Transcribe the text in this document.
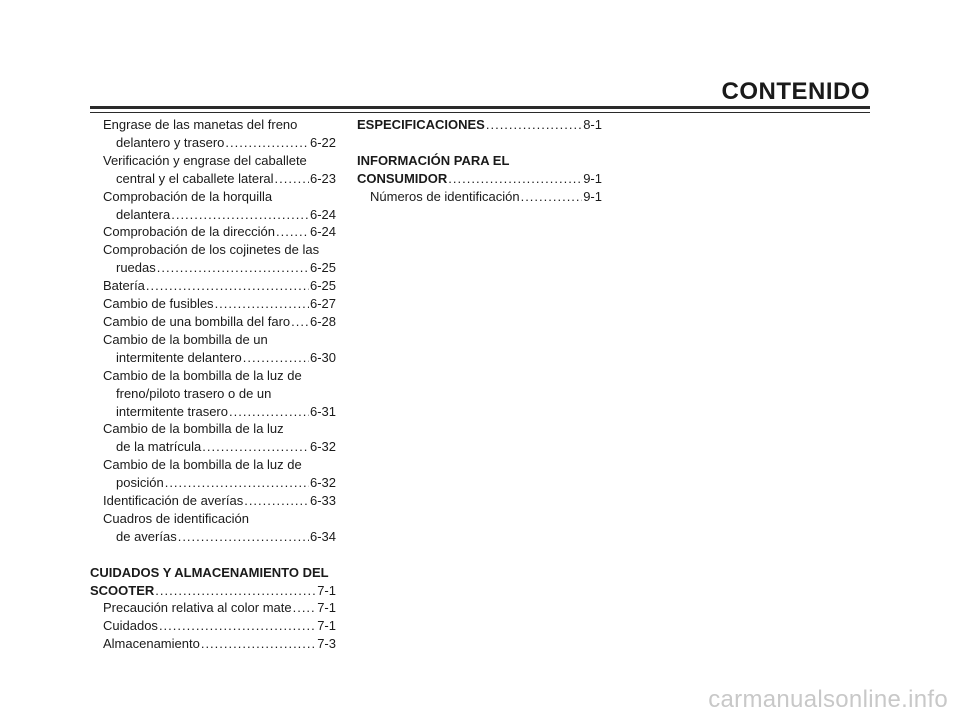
CONTENIDO
Engrase de las manetas del freno
delantero y trasero .....	6-22
Verificación y engrase del caballete
central y el caballete lateral .....	6-23
Comprobación de la horquilla
delantera .....	6-24
Comprobación de la dirección .....	6-24
Comprobación de los cojinetes de las
ruedas .....	6-25
Batería .....	6-25
Cambio de fusibles .....	6-27
Cambio de una bombilla del faro ..... 6-28
Cambio de la bombilla de un
intermitente delantero .....	6-30
Cambio de la bombilla de la luz de
freno/piloto trasero o de un
intermitente trasero .....	6-31
Cambio de la bombilla de la luz
de la matrícula .....	6-32
Cambio de la bombilla de la luz de
posición .....	6-32
Identificación de averías .....	6-33
Cuadros de identificación
de averías .....	6-34
CUIDADOS Y ALMACENAMIENTO DEL
SCOOTER .....	7-1
Precaución relativa al color mate ..... 7-1
Cuidados .....	7-1
Almacenamiento .....	7-3
ESPECIFICACIONES .....	8-1
INFORMACIÓN PARA EL
CONSUMIDOR .....	9-1
Números de identificación .....	9-1
carmanualsonline.info
